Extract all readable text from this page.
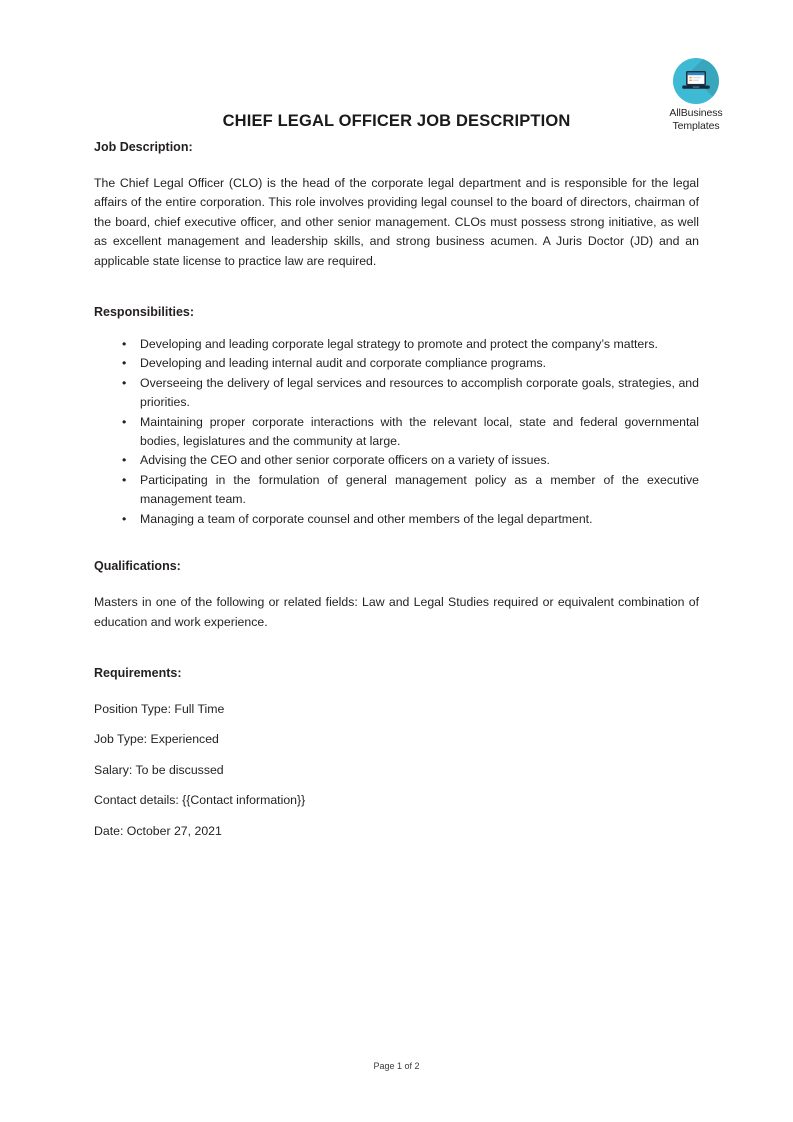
AllBusiness
Templates
CHIEF LEGAL OFFICER JOB DESCRIPTION
Job Description:

The Chief Legal Officer (CLO) is the head of the corporate legal department and is responsible for the legal affairs of the entire corporation. This role involves providing legal counsel to the board of directors, chairman of the board, chief executive officer, and other senior management. CLOs must possess strong initiative, as well as excellent management and leadership skills, and strong business acumen. A Juris Doctor (JD) and an applicable state license to practice law are required.

Responsibilities:
• Developing and leading corporate legal strategy to promote and protect the company’s matters.
• Developing and leading internal audit and corporate compliance programs.
• Overseeing the delivery of legal services and resources to accomplish corporate goals, strategies, and priorities.
• Maintaining proper corporate interactions with the relevant local, state and federal governmental bodies, legislatures and the community at large.
• Advising the CEO and other senior corporate officers on a variety of issues.
• Participating in the formulation of general management policy as a member of the executive management team.
• Managing a team of corporate counsel and other members of the legal department.
Qualifications:

Masters in one of the following or related fields: Law and Legal Studies required or equivalent combination of education and work experience.

Requirements:

Position Type: Full Time

Job Type: Experienced

Salary: To be discussed

Contact details: {{Contact information}}

Date: October 27, 2021

Page 1 of 2
